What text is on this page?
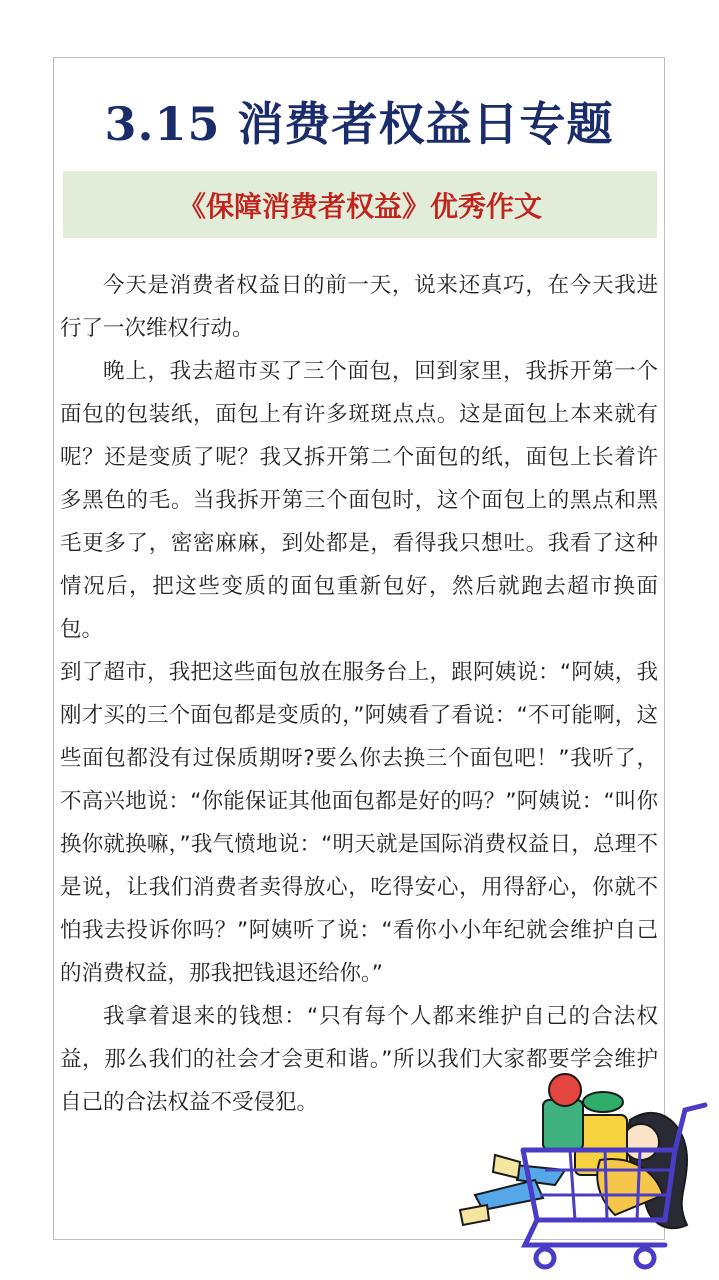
3.15 消费者权益日专题
《保障消费者权益》优秀作文

今天是消费者权益日的前一天，说来还真巧，在今天我进行了一次维权行动。

晚上，我去超市买了三个面包，回到家里，我拆开第一个面包的包装纸，面包上有许多斑斑点点。这是面包上本来就有呢？还是变质了呢？我又拆开第二个面包的纸，面包上长着许多黑色的毛。当我拆开第三个面包时，这个面包上的黑点和黑毛更多了，密密麻麻，到处都是，看得我只想吐。我看了这种情况后，把这些变质的面包重新包好，然后就跑去超市换面包。

到了超市，我把这些面包放在服务台上，跟阿姨说：“阿姨，我刚才买的三个面包都是变质的，”阿姨看了看说：“不可能啊，这些面包都没有过保质期呀?要么你去换三个面包吧！”我听了，不高兴地说：“你能保证其他面包都是好的吗？”阿姨说：“叫你换你就换嘛，”我气愤地说：“明天就是国际消费权益日，总理不是说，让我们消费者卖得放心，吃得安心，用得舒心，你就不怕我去投诉你吗？”阿姨听了说：“看你小小年纪就会维护自己的消费权益，那我把钱退还给你。”

我拿着退来的钱想：“只有每个人都来维护自己的合法权益，那么我们的社会才会更和谐。”所以我们大家都要学会维护自己的合法权益不受侵犯。
